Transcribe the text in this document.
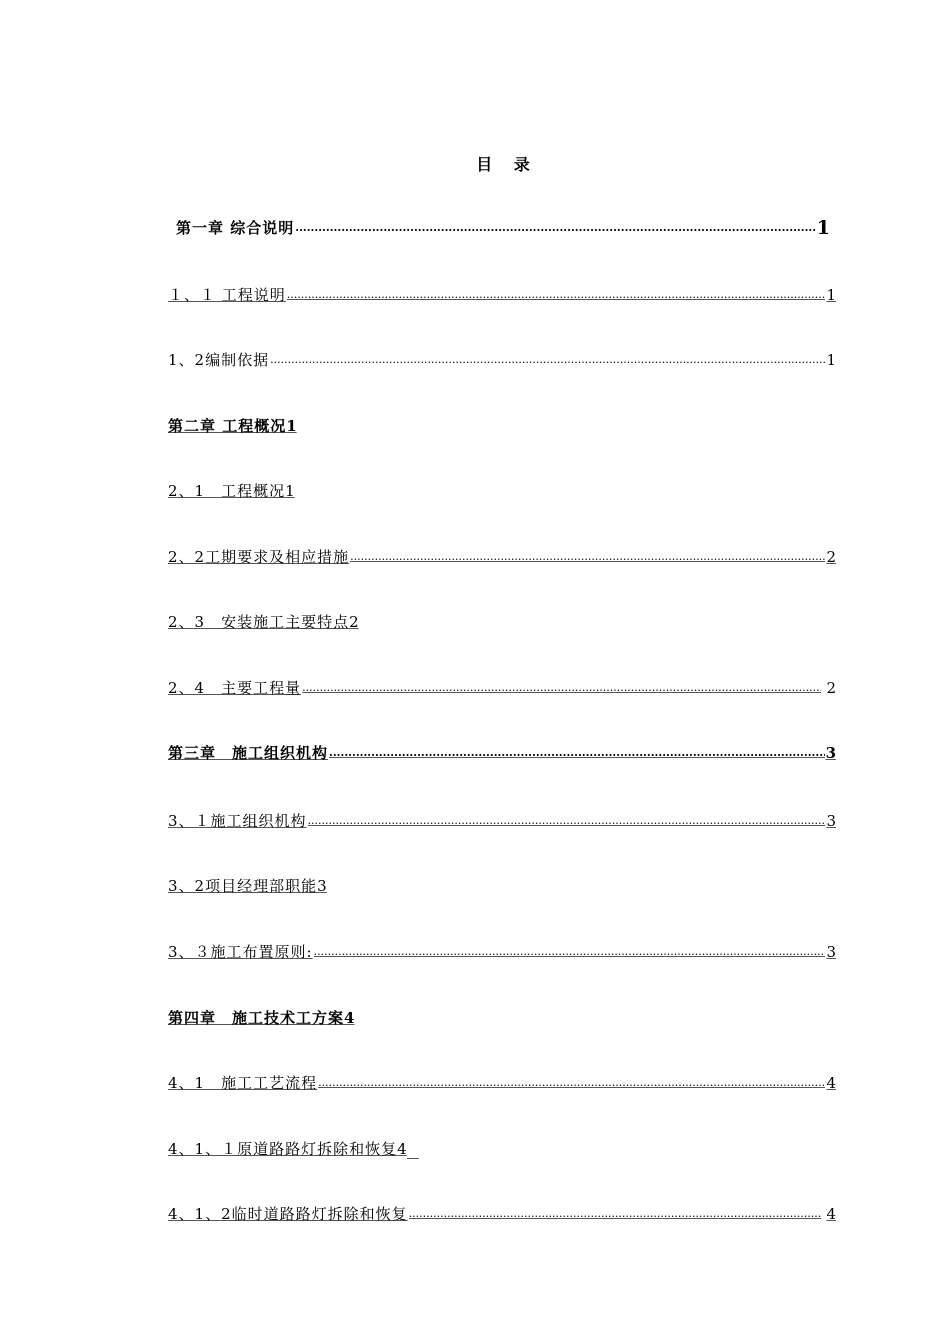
目 录
第一章 综合说明 .....	1
１、１ 工程说明 .....	1
1、2编制依据 .....	1
第二章 工程概况 1
2、1　工程概况 1
2、2工期要求及相应措施 .....	2
2、3　安装施工主要特点 2
2、4　主要工程量 .....	2
第三章　施工组织机构 .....	3
3、１施工组织机构 .....	3
3、2项目经理部职能 3
3、３施工布置原则: .....	3
第四章　施工技术工方案 4
4、1　施工工艺流程 .....	4
4、1、１原道路路灯拆除和恢复 4
4、1、2临时道路路灯拆除和恢复 .....	4
